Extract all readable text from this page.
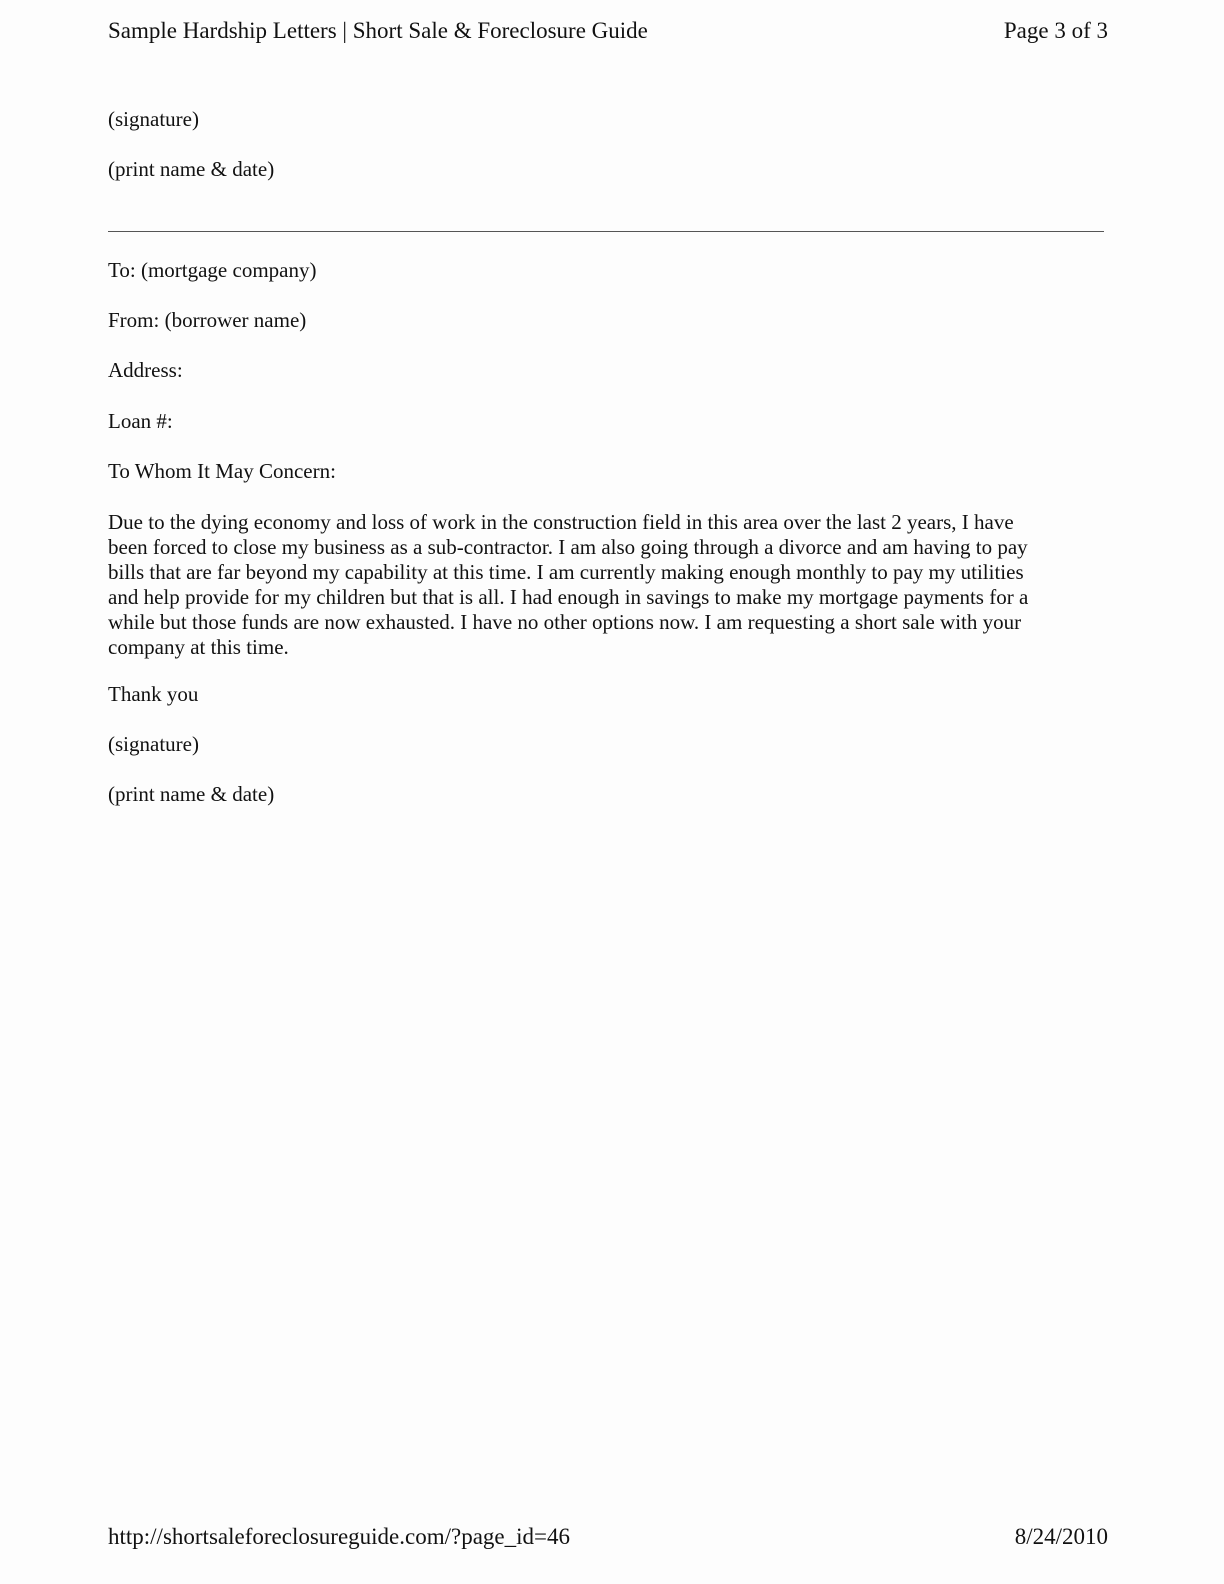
Sample Hardship Letters | Short Sale & Foreclosure Guide	Page 3 of 3
(signature)
(print name & date)
To: (mortgage company)
From: (borrower name)
Address:
Loan #:
To Whom It May Concern:

Due to the dying economy and loss of work in the construction field in this area over the last 2 years, I have
been forced to close my business as a sub-contractor. I am also going through a divorce and am having to pay
bills that are far beyond my capability at this time. I am currently making enough monthly to pay my utilities
and help provide for my children but that is all. I had enough in savings to make my mortgage payments for a
while but those funds are now exhausted. I have no other options now. I am requesting a short sale with your
company at this time.

Thank you
(signature)
(print name & date)
http://shortsaleforeclosureguide.com/?page_id=46	8/24/2010
